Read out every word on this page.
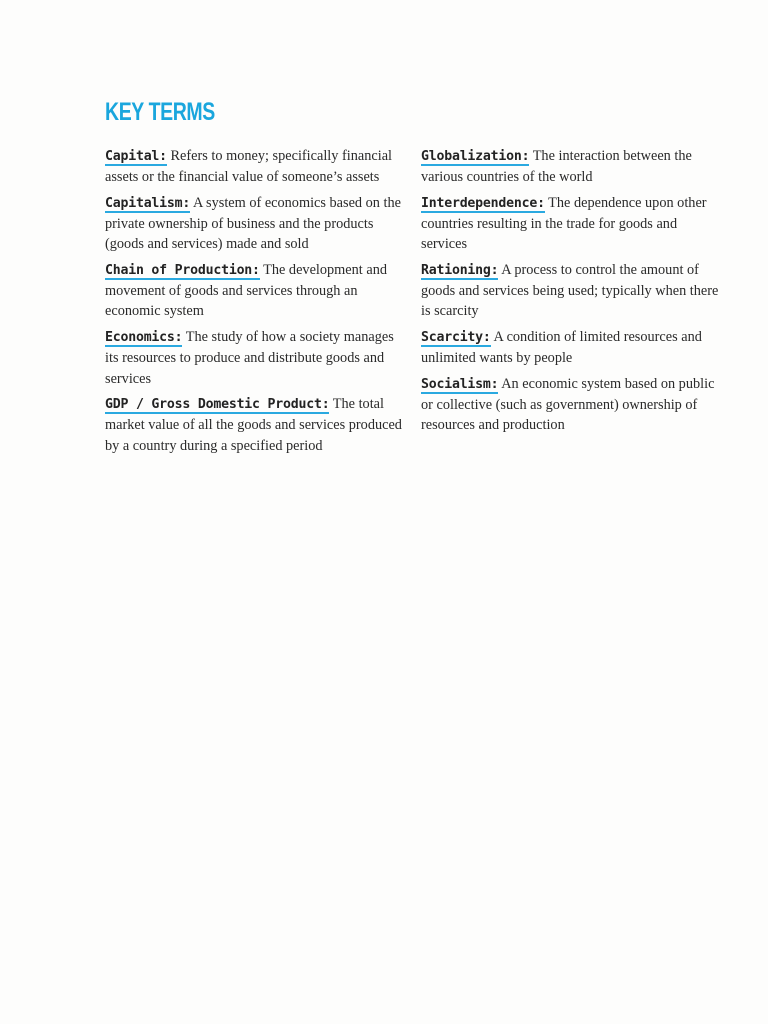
KEY TERMS

Capital: Refers to money; specifically financial assets or the financial value of someone’s assets

Capitalism: A system of economics based on the private ownership of business and the products (goods and services) made and sold

Chain of Production: The development and movement of goods and services through an economic system

Economics: The study of how a society manages its resources to produce and distribute goods and services

GDP / Gross Domestic Product: The total market value of all the goods and services produced by a country during a specified period

Globalization: The interaction between the various countries of the world

Interdependence: The dependence upon other countries resulting in the trade for goods and services

Rationing: A process to control the amount of goods and services being used; typically when there is scarcity

Scarcity: A condition of limited resources and unlimited wants by people

Socialism: An economic system based on public or collective (such as government) ownership of resources and production
